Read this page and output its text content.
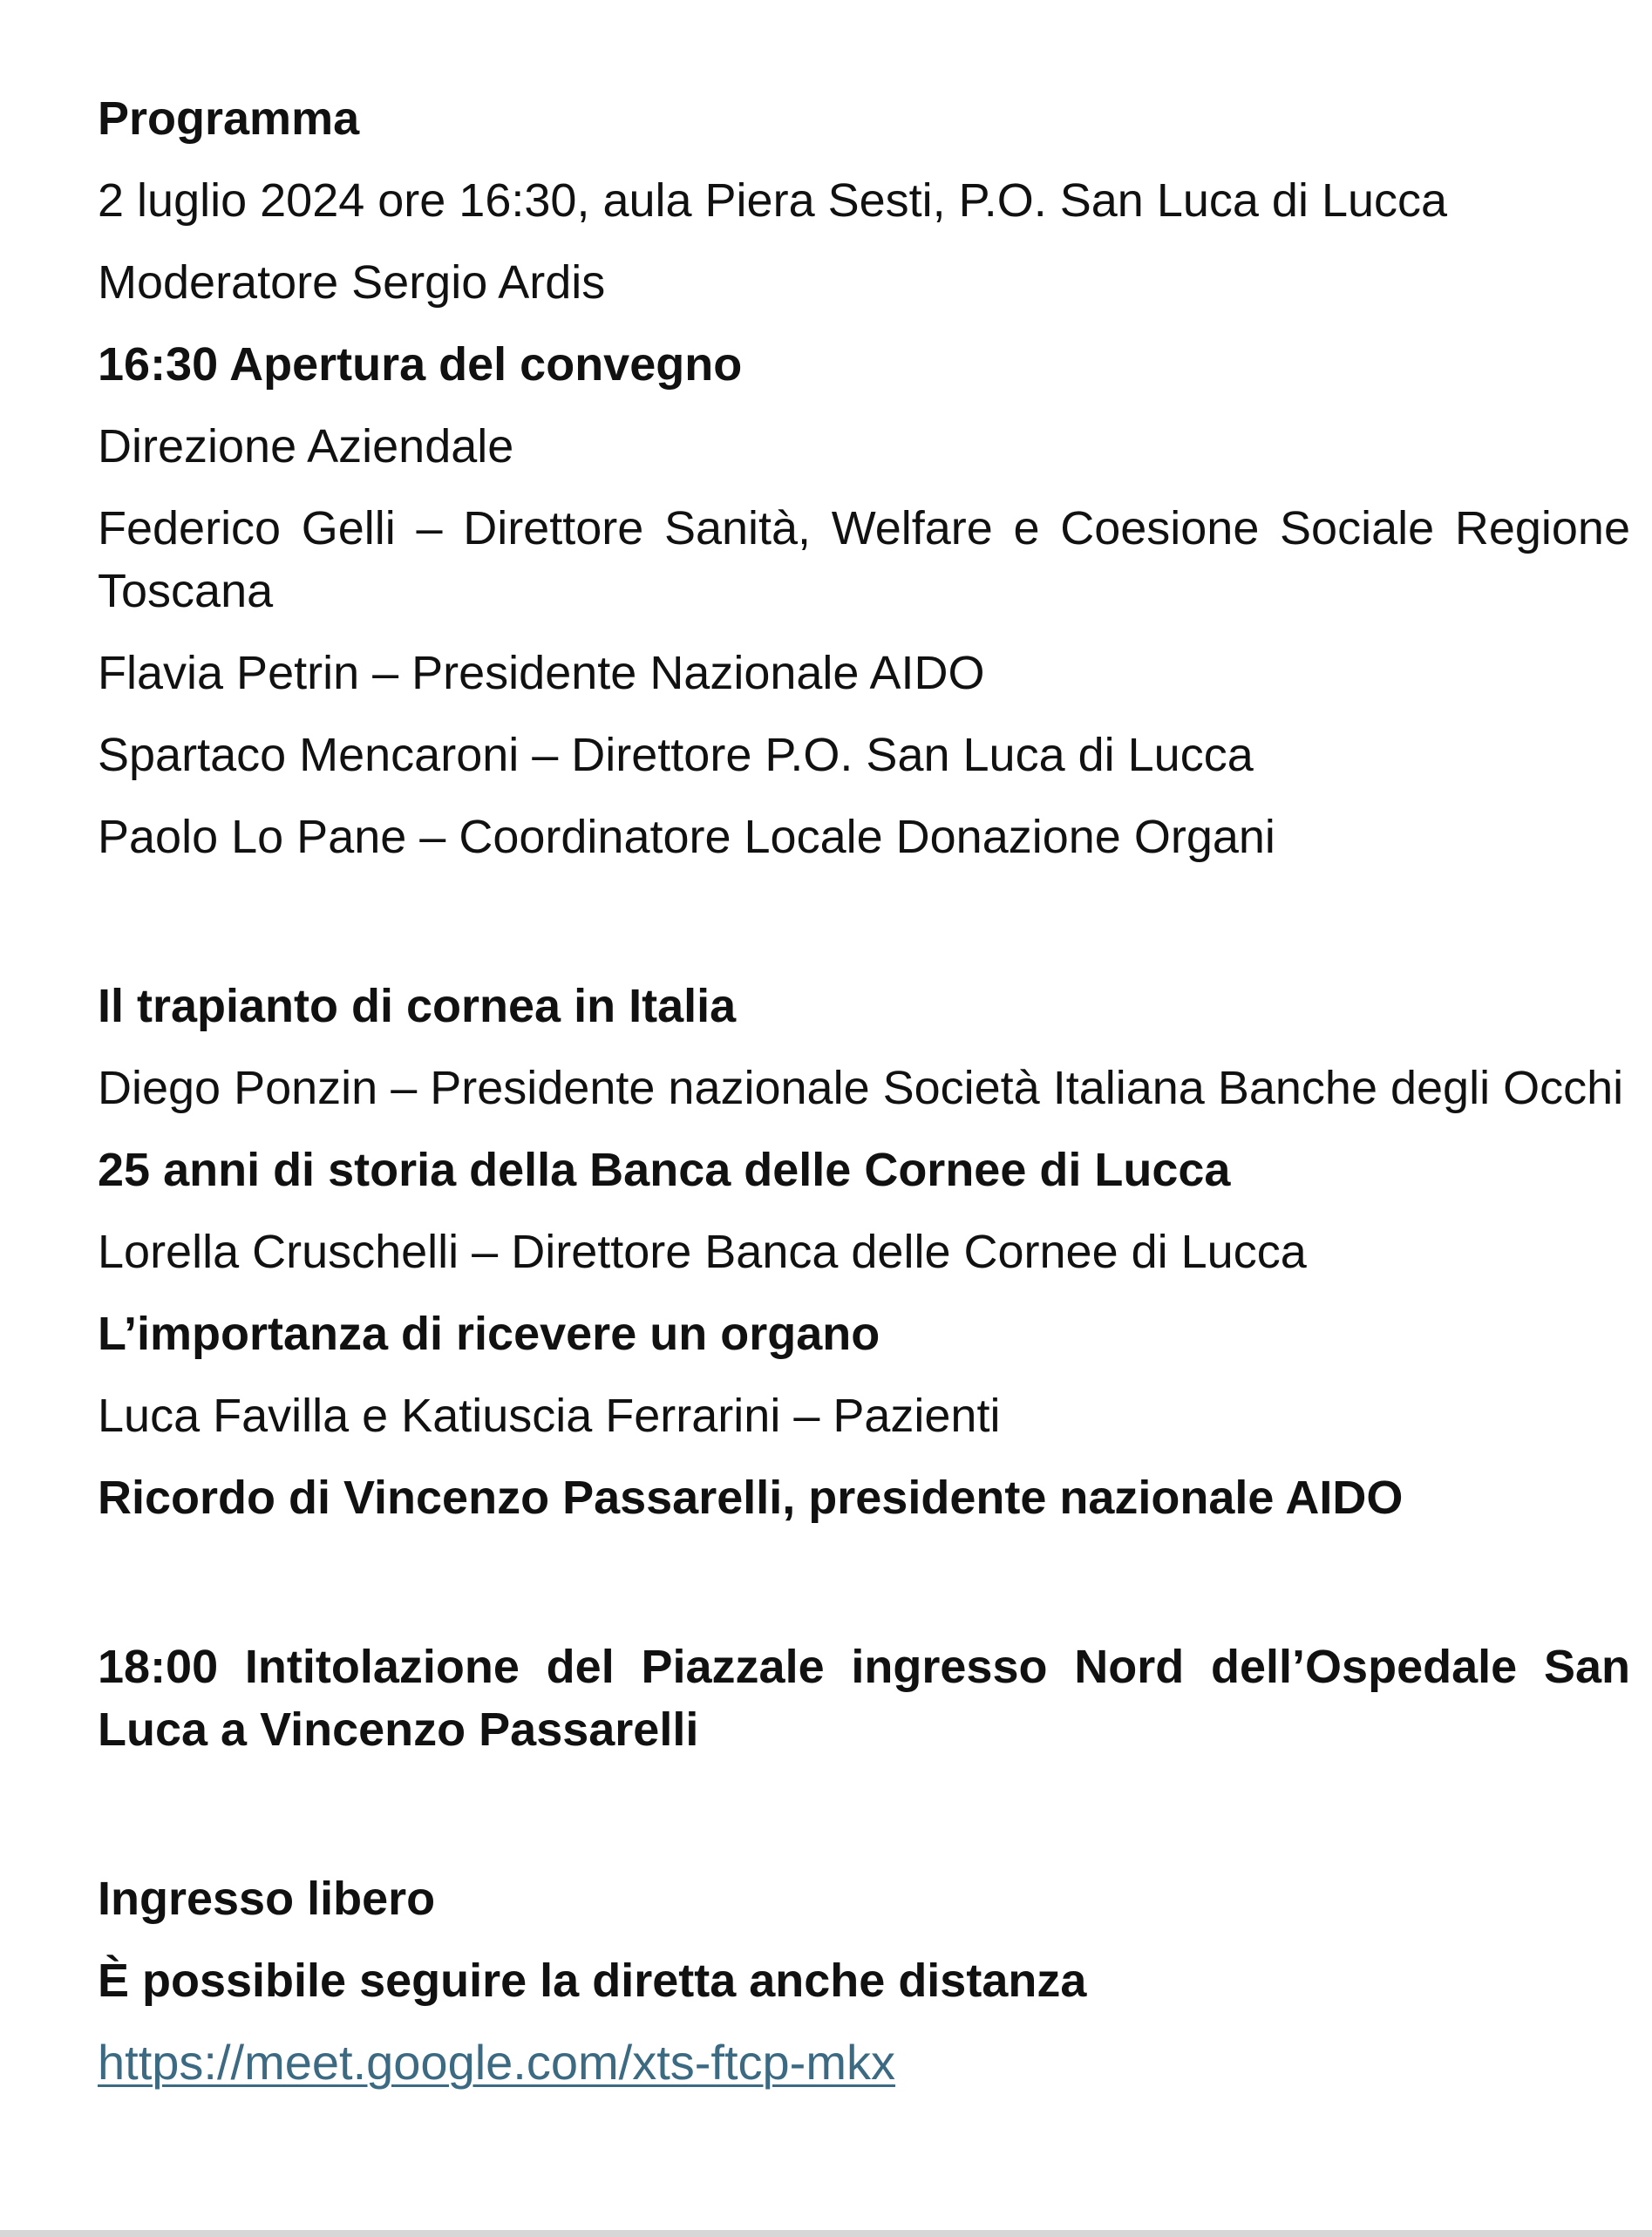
Programma
2 luglio 2024 ore 16:30, aula Piera Sesti, P.O. San Luca di Lucca
Moderatore Sergio Ardis
16:30 Apertura del convegno
Direzione Aziendale
Federico Gelli – Direttore Sanità, Welfare e Coesione Sociale Regione Toscana
Flavia Petrin – Presidente Nazionale AIDO
Spartaco Mencaroni – Direttore P.O. San Luca di Lucca
Paolo Lo Pane – Coordinatore Locale Donazione Organi
Il trapianto di cornea in Italia
Diego Ponzin – Presidente nazionale Società Italiana Banche degli Occhi
25 anni di storia della Banca delle Cornee di Lucca
Lorella Cruschelli – Direttore Banca delle Cornee di Lucca
L’importanza di ricevere un organo
Luca Favilla e Katiuscia Ferrarini – Pazienti
Ricordo di Vincenzo Passarelli, presidente nazionale AIDO
18:00 Intitolazione del Piazzale ingresso Nord dell’Ospedale San Luca a Vincenzo Passarelli
Ingresso libero
È possibile seguire la diretta anche distanza
https://meet.google.com/xts-ftcp-mkx
